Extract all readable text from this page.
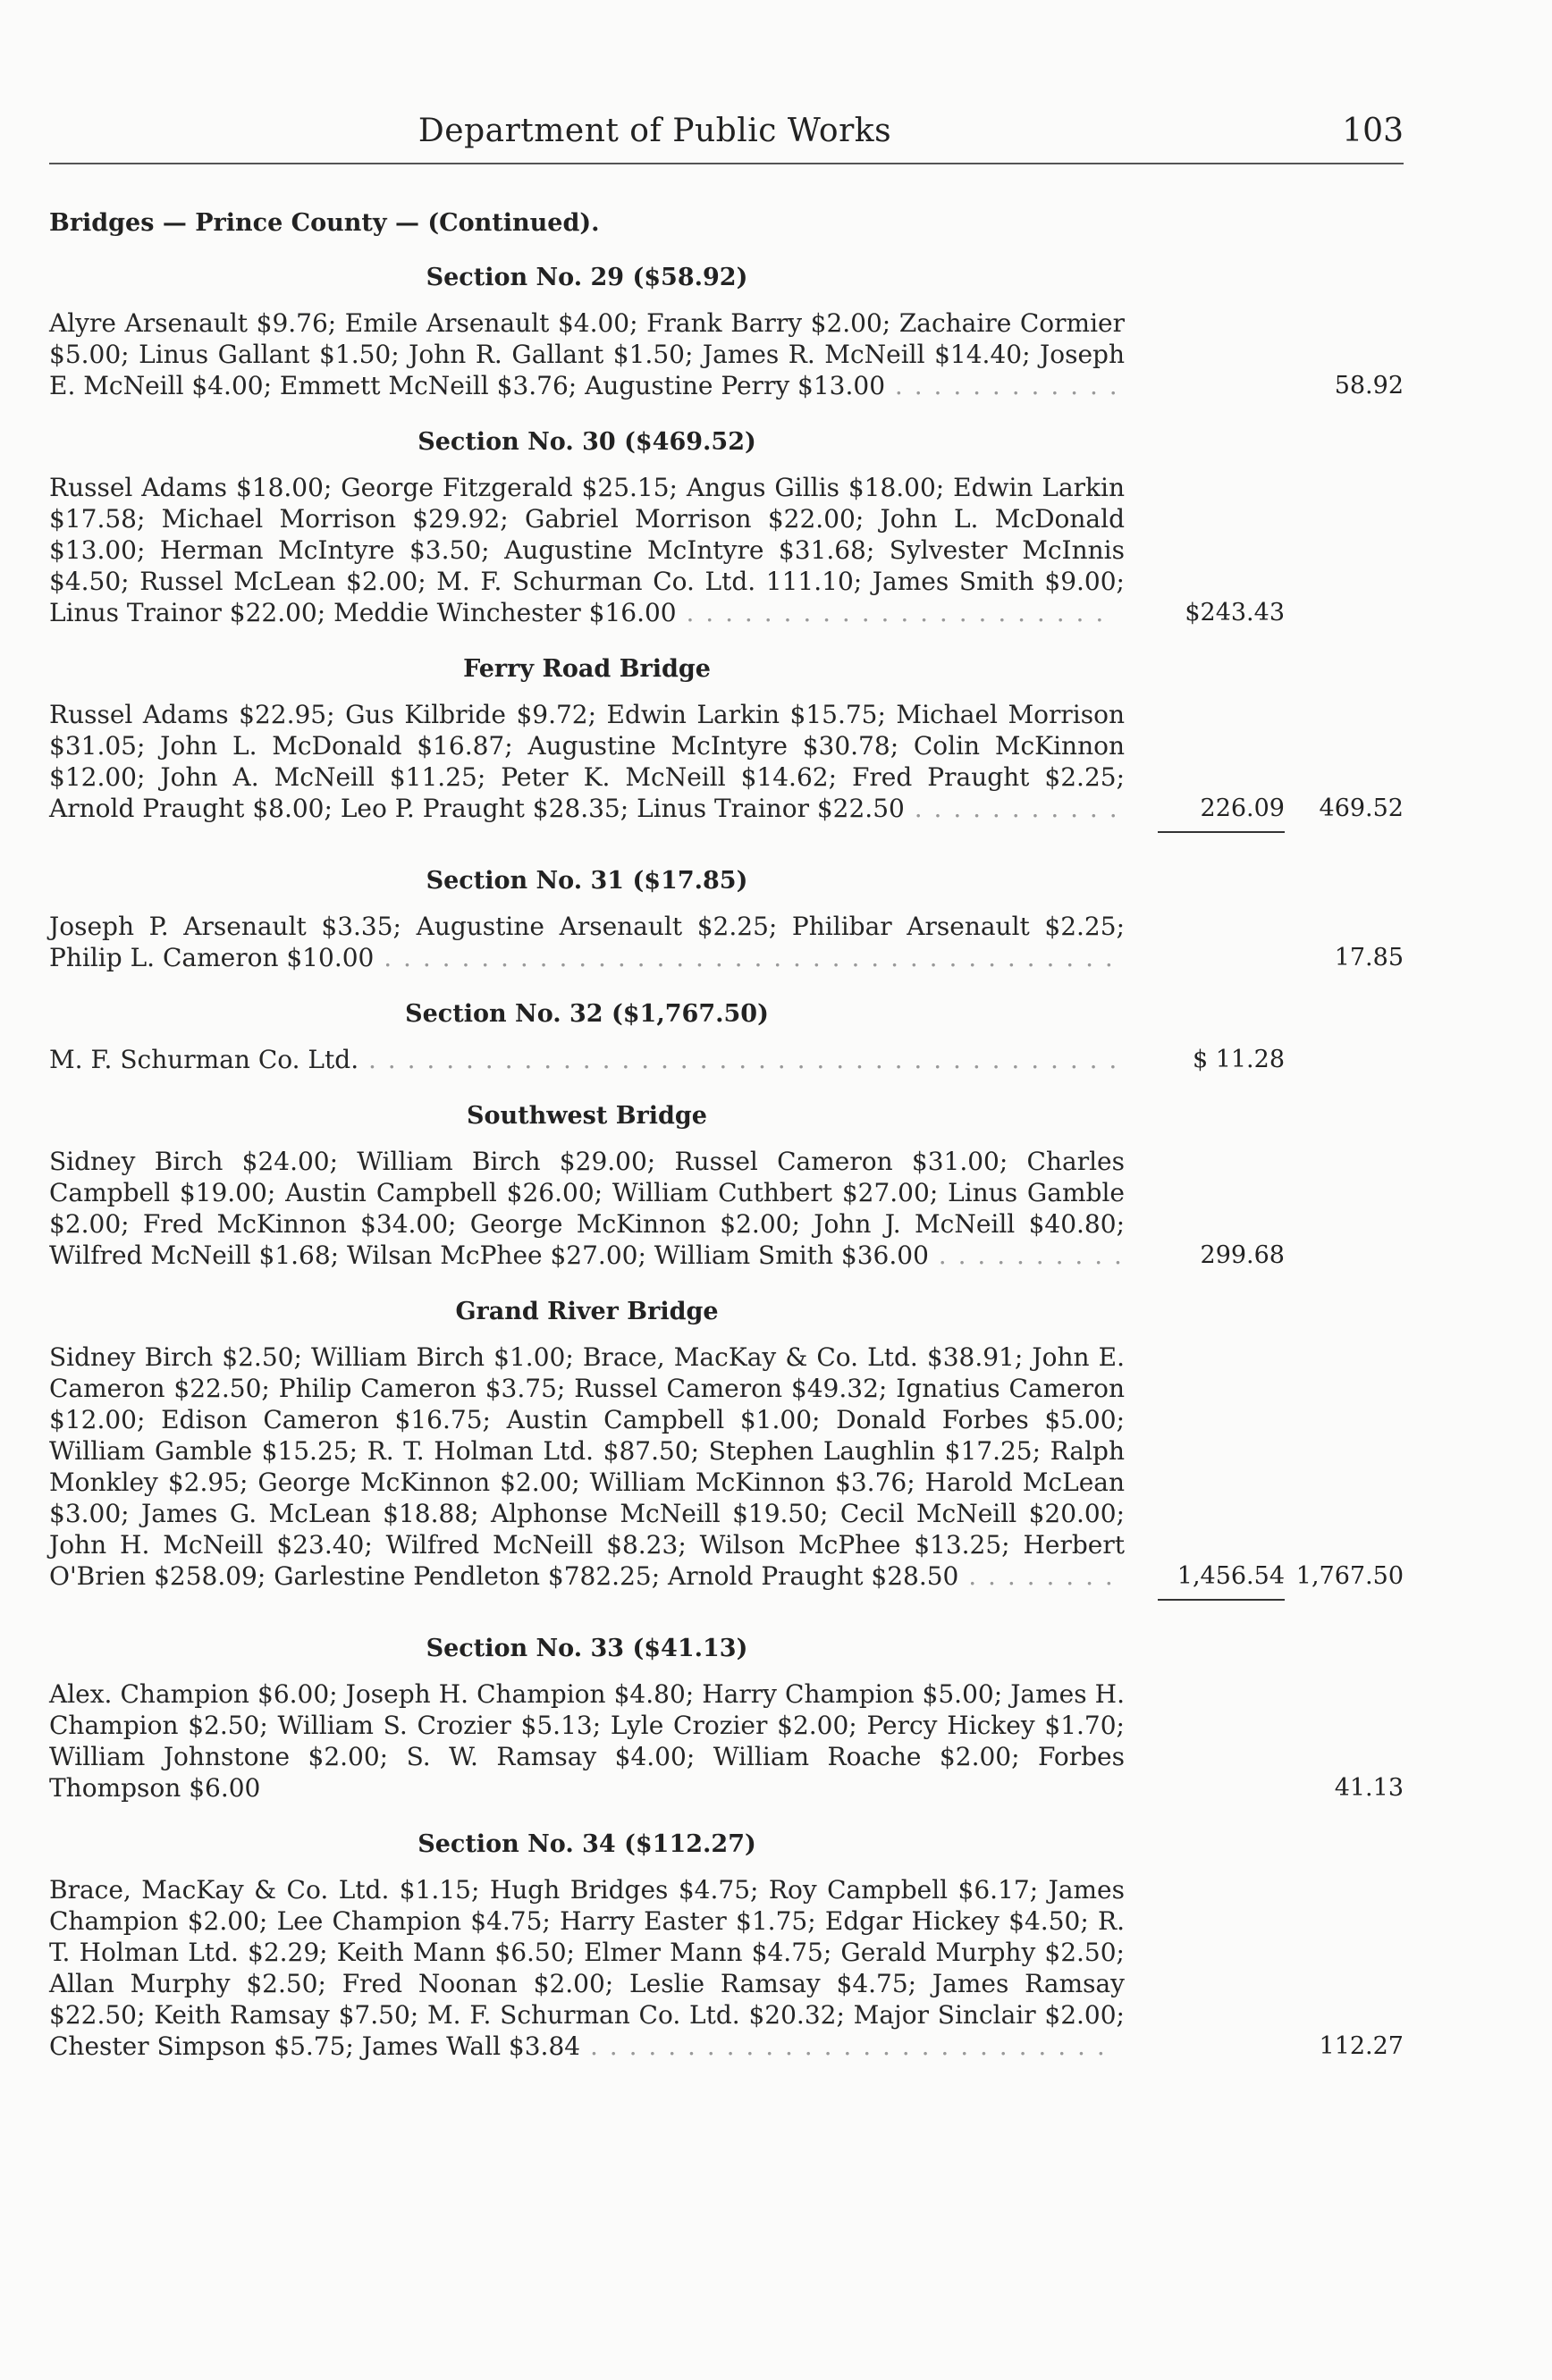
Department of Public Works	103
Bridges — Prince County — (Continued).
Section No. 29 ($58.92)
Alyre Arsenault $9.76; Emile Arsenault $4.00; Frank Barry $2.00; Zachaire Cormier $5.00; Linus Gallant $1.50; John R. Gallant $1.50; James R. McNeill $14.40; Joseph E. McNeill $4.00; Emmett McNeill $3.76; Augustine Perry $13.00 . . . . . . . . . . . .	58.92
Section No. 30 ($469.52)
Russel Adams $18.00; George Fitzgerald $25.15; Angus Gillis $18.00; Edwin Larkin $17.58; Michael Morrison $29.92; Gabriel Morrison $22.00; John L. McDonald $13.00; Herman McIntyre $3.50; Augustine McIntyre $31.68; Sylvester McInnis $4.50; Russel McLean $2.00; M. F. Schurman Co. Ltd. 111.10; James Smith $9.00; Linus Trainor $22.00; Meddie Winchester $16.00 . . . . . . . . . . . . . . . . . . . . . .	$243.43
Ferry Road Bridge
Russel Adams $22.95; Gus Kilbride $9.72; Edwin Larkin $15.75; Michael Morrison $31.05; John L. McDonald $16.87; Augustine McIntyre $30.78; Colin McKinnon $12.00; John A. McNeill $11.25; Peter K. McNeill $14.62; Fred Praught $2.25; Arnold Praught $8.00; Leo P. Praught $28.35; Linus Trainor $22.50 . . . . . . . . . . .	226.09	469.52
Section No. 31 ($17.85)
Joseph P. Arsenault $3.35; Augustine Arsenault $2.25; Philibar Arsenault $2.25; Philip L. Cameron $10.00 . . . . . . . . . . . . . . . . . . . . . . . . . . . . . . . . . . . . . .	17.85
Section No. 32 ($1,767.50)
M. F. Schurman Co. Ltd. . . . . . . . . . . . . . . . . . . . . . . . . . . . . . . . . . . . . . . .	$ 11.28
Southwest Bridge
Sidney Birch $24.00; William Birch $29.00; Russel Cameron $31.00; Charles Campbell $19.00; Austin Campbell $26.00; William Cuthbert $27.00; Linus Gamble $2.00; Fred McKinnon $34.00; George McKinnon $2.00; John J. McNeill $40.80; Wilfred McNeill $1.68; Wilsan McPhee $27.00; William Smith $36.00 . . . . . . . . . .	299.68
Grand River Bridge
Sidney Birch $2.50; William Birch $1.00; Brace, MacKay & Co. Ltd. $38.91; John E. Cameron $22.50; Philip Cameron $3.75; Russel Cameron $49.32; Ignatius Cameron $12.00; Edison Cameron $16.75; Austin Campbell $1.00; Donald Forbes $5.00; William Gamble $15.25; R. T. Holman Ltd. $87.50; Stephen Laughlin $17.25; Ralph Monkley $2.95; George McKinnon $2.00; William McKinnon $3.76; Harold McLean $3.00; James G. McLean $18.88; Alphonse McNeill $19.50; Cecil McNeill $20.00; John H. McNeill $23.40; Wilfred McNeill $8.23; Wilson McPhee $13.25; Herbert O'Brien $258.09; Garlestine Pendleton $782.25; Arnold Praught $28.50 . . . . . . . .	1,456.54 1,767.50
Section No. 33 ($41.13)
Alex. Champion $6.00; Joseph H. Champion $4.80; Harry Champion $5.00; James H. Champion $2.50; William S. Crozier $5.13; Lyle Crozier $2.00; Percy Hickey $1.70; William Johnstone $2.00; S. W. Ramsay $4.00; William Roache $2.00; Forbes Thompson $6.00	41.13
Section No. 34 ($112.27)
Brace, MacKay & Co. Ltd. $1.15; Hugh Bridges $4.75; Roy Campbell $6.17; James Champion $2.00; Lee Champion $4.75; Harry Easter $1.75; Edgar Hickey $4.50; R. T. Holman Ltd. $2.29; Keith Mann $6.50; Elmer Mann $4.75; Gerald Murphy $2.50; Allan Murphy $2.50; Fred Noonan $2.00; Leslie Ramsay $4.75; James Ramsay $22.50; Keith Ramsay $7.50; M. F. Schurman Co. Ltd. $20.32; Major Sinclair $2.00; Chester Simpson $5.75; James Wall $3.84 . . . . . . . . . . . . . . . . . . . . . . . . . . .	112.27
